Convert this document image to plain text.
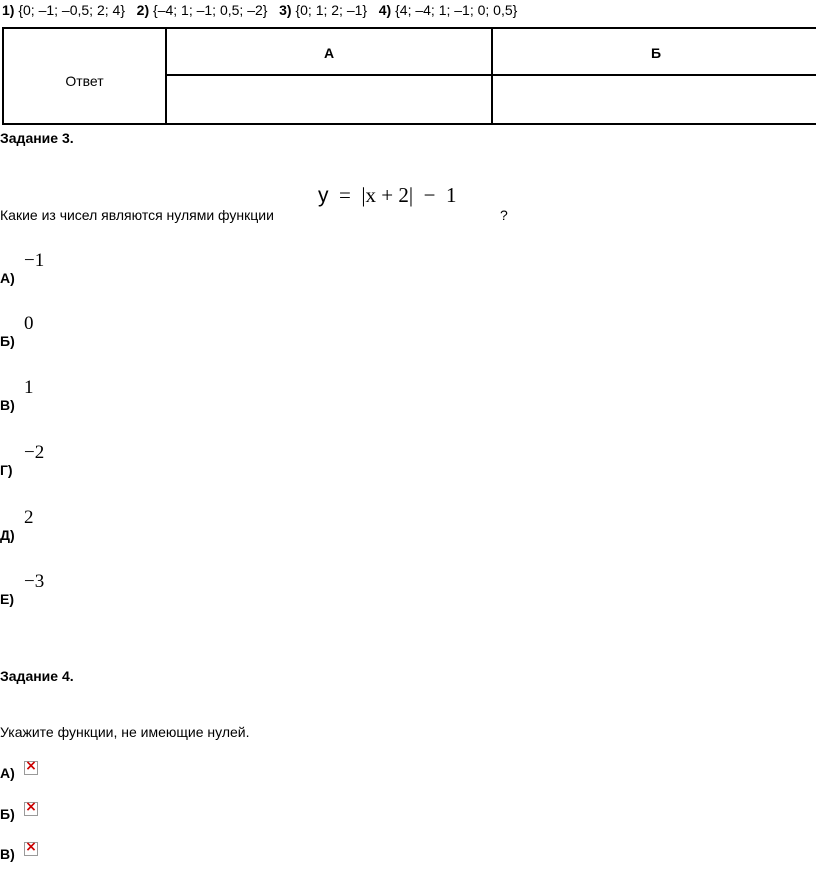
1) {0; –1; –0,5; 2; 4} 2) {–4; 1; –1; 0,5; –2} 3) {0; 1; 2; –1} 4) {4; –4; 1; –1; 0; 0,5}
Ответ
А	Б
Задание 3.
Какие из чисел являются нулями функции
y = |x + 2| − 1
?
А)
−1
Б)
0
В)
1
Г)
−2
Д)
2
Е)
−3
Задание 4.
Укажите функции, не имеющие нулей.
А)
×
Б)
×
В)
×
